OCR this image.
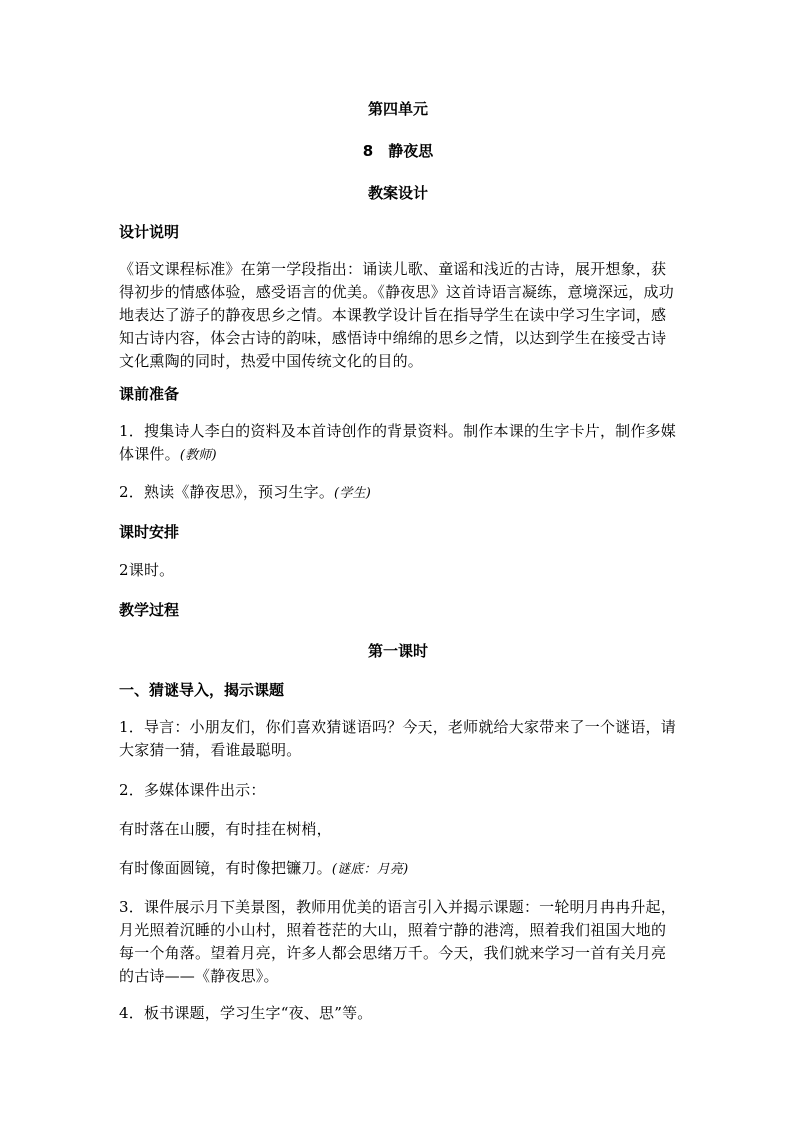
第四单元

8　静夜思

教案设计

设计说明

《语文课程标准》在第一学段指出：诵读儿歌、童谣和浅近的古诗，展开想象，获得初步的情感体验，感受语言的优美。《静夜思》这首诗语言凝练，意境深远，成功地表达了游子的静夜思乡之情。本课教学设计旨在指导学生在读中学习生字词，感知古诗内容，体会古诗的韵味，感悟诗中绵绵的思乡之情，以达到学生在接受古诗文化熏陶的同时，热爱中国传统文化的目的。

课前准备

1．搜集诗人李白的资料及本首诗创作的背景资料。制作本课的生字卡片，制作多媒体课件。(教师)

2．熟读《静夜思》，预习生字。(学生)

课时安排

2课时。

教学过程

第一课时

一、猜谜导入，揭示课题

1．导言：小朋友们，你们喜欢猜谜语吗？今天，老师就给大家带来了一个谜语，请大家猜一猜，看谁最聪明。

2．多媒体课件出示：

有时落在山腰，有时挂在树梢，

有时像面圆镜，有时像把镰刀。(谜底：月亮)

3．课件展示月下美景图，教师用优美的语言引入并揭示课题：一轮明月冉冉升起，月光照着沉睡的小山村，照着苍茫的大山，照着宁静的港湾，照着我们祖国大地的每一个角落。望着月亮，许多人都会思绪万千。今天，我们就来学习一首有关月亮的古诗——《静夜思》。

4．板书课题，学习生字“夜、思”等。
